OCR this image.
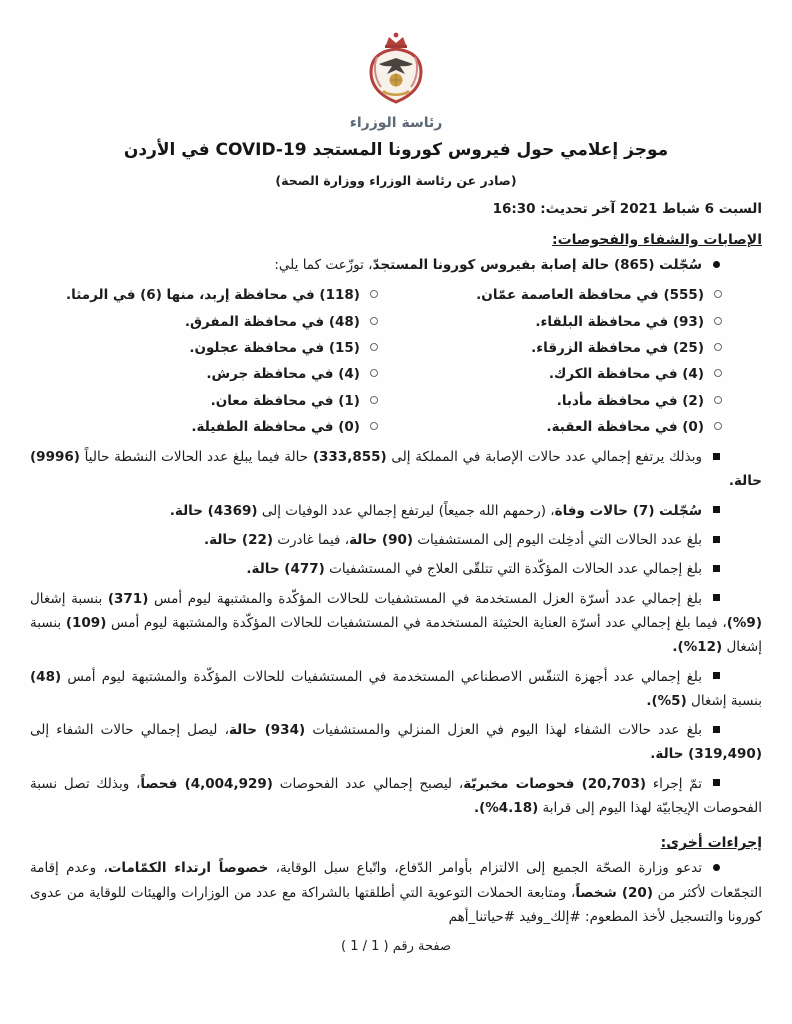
رئاسة الوزراء
موجز إعلامي حول فيروس كورونا المستجد COVID-19 في الأردن
(صادر عن رئاسة الوزراء ووزارة الصحة)
السبت 6 شباط 2021 آخر تحديث: 16:30
الإصابات والشفاء والفحوصات:
سُجّلت (865) حالة إصابة بفيروس كورونا المستجدّ، توزّعت كما يلي:
(555) في محافظة العاصمة عمّان.
(93) في محافظة البلقاء.
(25) في محافظة الزرقاء.
(4) في محافظة الكرك.
(2) في محافظة مأدبا.
(0) في محافظة العقبة.
(118) في محافظة إربد، منها (6) في الرمثا.
(48) في محافظة المفرق.
(15) في محافظة عجلون.
(4) في محافظة جرش.
(1) في محافظة معان.
(0) في محافظة الطفيلة.
وبذلك يرتفع إجمالي عدد حالات الإصابة في المملكة إلى (333,855) حالة فيما يبلغ عدد الحالات النشطة حالياً (9996) حالة.
سُجّلت (7) حالات وفاة، (رحمهم الله جميعاً) ليرتفع إجمالي عدد الوفيات إلى (4369) حالة.
بلغ عدد الحالات التي أدخِلت اليوم إلى المستشفيات (90) حالة، فيما غادرت (22) حالة.
بلغ إجمالي عدد الحالات المؤكّدة التي تتلقّى العلاج في المستشفيات (477) حالة.
بلغ إجمالي عدد أسرّة العزل المستخدمة في المستشفيات للحالات المؤكّدة والمشتبهة ليوم أمس (371) بنسبة إشغال (9%)، فيما بلغ إجمالي عدد أسرّة العناية الحثيثة المستخدمة في المستشفيات للحالات المؤكّدة والمشتبهة ليوم أمس (109) بنسبة إشغال (12%).
بلغ إجمالي عدد أجهزة التنفّس الاصطناعي المستخدمة في المستشفيات للحالات المؤكّدة والمشتبهة ليوم أمس (48) بنسبة إشغال (5%).
بلغ عدد حالات الشفاء لهذا اليوم في العزل المنزلي والمستشفيات (934) حالة، ليصل إجمالي حالات الشفاء إلى (319,490) حالة.
تمّ إجراء (20,703) فحوصات مخبريّة، ليصبح إجمالي عدد الفحوصات (4,004,929) فحصاً، وبذلك تصل نسبة الفحوصات الإيجابيّة لهذا اليوم إلى قرابة (4.18%).
إجراءات أخرى:
تدعو وزارة الصحّة الجميع إلى الالتزام بأوامر الدّفاع، واتّباع سبل الوقاية، خصوصاً ارتداء الكمّامات، وعدم إقامة التجمّعات لأكثر من (20) شخصاً، ومتابعة الحملات التوعوية التي أطلقتها بالشراكة مع عدد من الوزارات والهيئات للوقاية من عدوى كورونا والتسجيل لأخذ المطعوم: #إلك_وفيد #حياتنا_أهم
صفحة رقم ( 1 / 1 )
